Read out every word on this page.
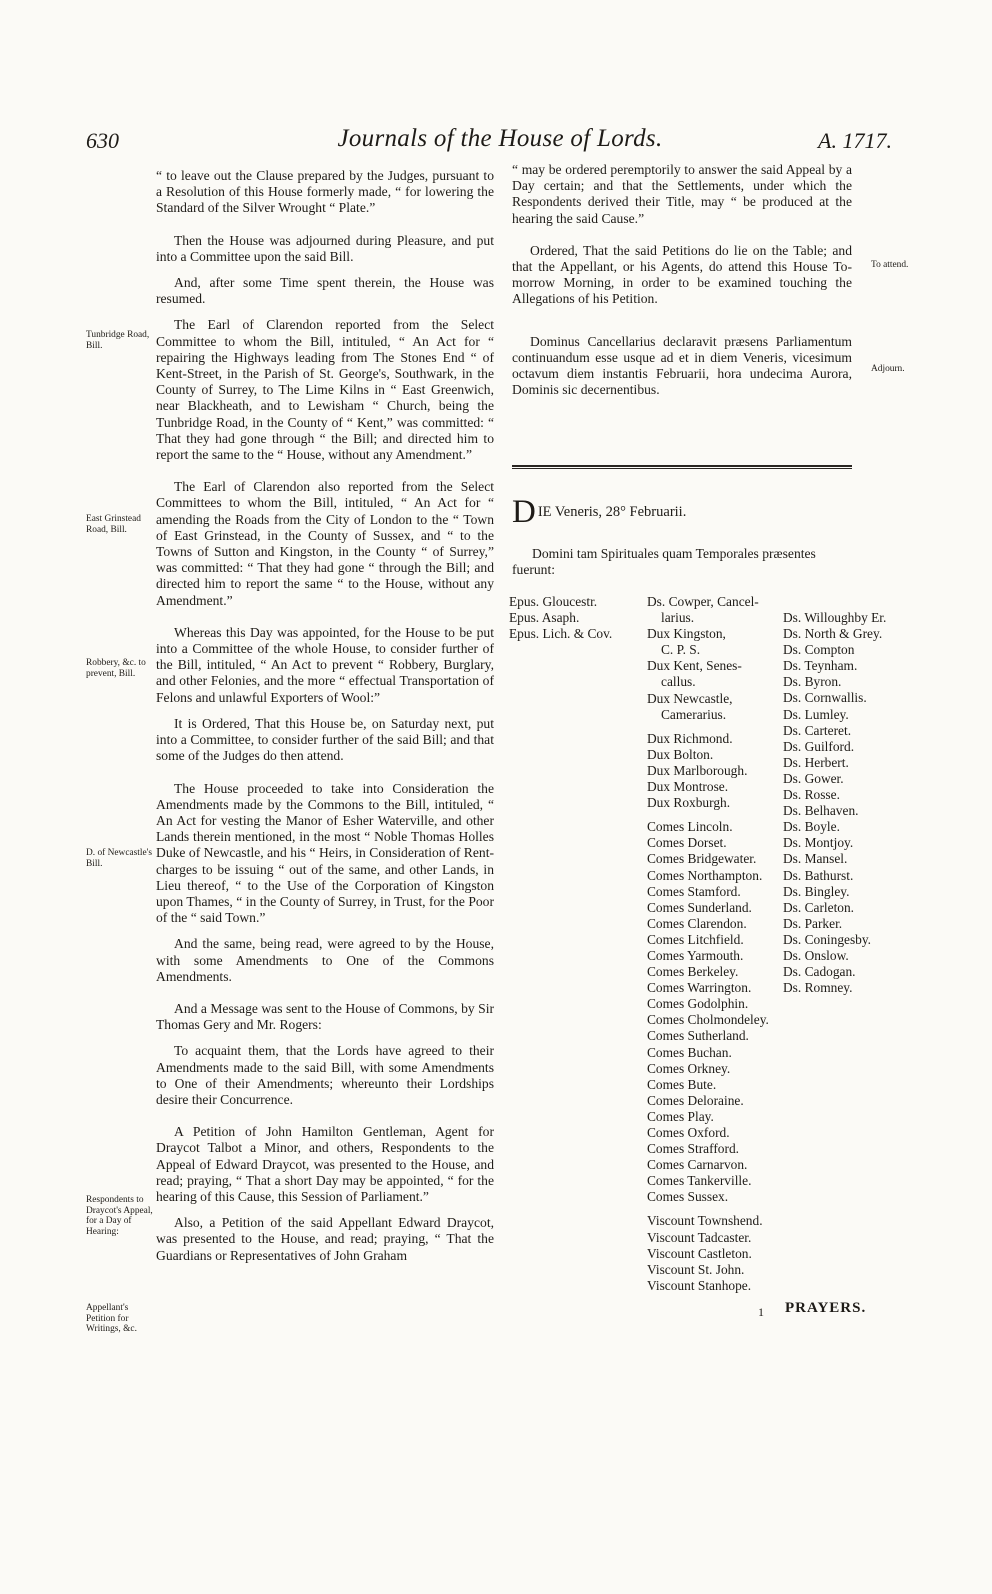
630	Journals of the House of Lords.	A. 1717.
Tunbridge Road, Bill.
East Grinstead Road, Bill.
Robbery, &c. to prevent, Bill.
D. of Newcastle's Bill.
Respondents to Draycot's Appeal, for a Day of Hearing:
Appellant's Petition for Writings, &c.
To attend.
Adjourn.

“ to leave out the Clause prepared by the Judges, pursuant to a Resolution of this House formerly made, “ for lowering the Standard of the Silver Wrought “ Plate.”

Then the House was adjourned during Pleasure, and put into a Committee upon the said Bill.

And, after some Time spent therein, the House was resumed.

The Earl of Clarendon reported from the Select Committee to whom the Bill, intituled, “ An Act for “ repairing the Highways leading from The Stones End “ of Kent-Street, in the Parish of St. George's, Southwark, in the County of Surrey, to The Lime Kilns in “ East Greenwich, near Blackheath, and to Lewisham “ Church, being the Tunbridge Road, in the County of “ Kent,” was committed: “ That they had gone through “ the Bill; and directed him to report the same to the “ House, without any Amendment.”

The Earl of Clarendon also reported from the Select Committees to whom the Bill, intituled, “ An Act for “ amending the Roads from the City of London to the “ Town of East Grinstead, in the County of Sussex, and “ to the Towns of Sutton and Kingston, in the County “ of Surrey,” was committed: “ That they had gone “ through the Bill; and directed him to report the same “ to the House, without any Amendment.”

Whereas this Day was appointed, for the House to be put into a Committee of the whole House, to consider further of the Bill, intituled, “ An Act to prevent “ Robbery, Burglary, and other Felonies, and the more “ effectual Transportation of Felons and unlawful Exporters of Wool:”

It is Ordered, That this House be, on Saturday next, put into a Committee, to consider further of the said Bill; and that some of the Judges do then attend.

The House proceeded to take into Consideration the Amendments made by the Commons to the Bill, intituled, “ An Act for vesting the Manor of Esher Waterville, and other Lands therein mentioned, in the most “ Noble Thomas Holles Duke of Newcastle, and his “ Heirs, in Consideration of Rent-charges to be issuing “ out of the same, and other Lands, in Lieu thereof, “ to the Use of the Corporation of Kingston upon Thames, “ in the County of Surrey, in Trust, for the Poor of the “ said Town.”

And the same, being read, were agreed to by the House, with some Amendments to One of the Commons Amendments.

And a Message was sent to the House of Commons, by Sir Thomas Gery and Mr. Rogers:

To acquaint them, that the Lords have agreed to their Amendments made to the said Bill, with some Amendments to One of their Amendments; whereunto their Lordships desire their Concurrence.

A Petition of John Hamilton Gentleman, Agent for Draycot Talbot a Minor, and others, Respondents to the Appeal of Edward Draycot, was presented to the House, and read; praying, “ That a short Day may be appointed, “ for the hearing of this Cause, this Session of Parliament.”

Also, a Petition of the said Appellant Edward Draycot, was presented to the House, and read; praying, “ That the Guardians or Representatives of John Graham

“ may be ordered peremptorily to answer the said Appeal by a Day certain; and that the Settlements, under which the Respondents derived their Title, may “ be produced at the hearing the said Cause.”

Ordered, That the said Petitions do lie on the Table; and that the Appellant, or his Agents, do attend this House To-morrow Morning, in order to be examined touching the Allegations of his Petition.

Dominus Cancellarius declaravit præsens Parliamentum continuandum esse usque ad et in diem Veneris, vicesimum octavum diem instantis Februarii, hora undecima Aurora, Dominis sic decernentibus.

DIE Veneris, 28° Februarii.
Domini tam Spirituales quam Temporales præsentes fuerunt:
Epus. Gloucestr.
Epus. Asaph.
Epus. Lich. & Cov.
Ds. Cowper, Cancel-
larius.
Dux Kingston,
C. P. S.
Dux Kent, Senes-
callus.
Dux Newcastle,
Camerarius.
Dux Richmond.
Dux Bolton.
Dux Marlborough.
Dux Montrose.
Dux Roxburgh.
Comes Lincoln.
Comes Dorset.
Comes Bridgewater.
Comes Northampton.
Comes Stamford.
Comes Sunderland.
Comes Clarendon.
Comes Litchfield.
Comes Yarmouth.
Comes Berkeley.
Comes Warrington.
Comes Godolphin.
Comes Cholmondeley.
Comes Sutherland.
Comes Buchan.
Comes Orkney.
Comes Bute.
Comes Deloraine.
Comes Play.
Comes Oxford.
Comes Strafford.
Comes Carnarvon.
Comes Tankerville.
Comes Sussex.
Viscount Townshend.
Viscount Tadcaster.
Viscount Castleton.
Viscount St. John.
Viscount Stanhope.
Ds. Willoughby Er.
Ds. North & Grey.
Ds. Compton
Ds. Teynham.
Ds. Byron.
Ds. Cornwallis.
Ds. Lumley.
Ds. Carteret.
Ds. Guilford.
Ds. Herbert.
Ds. Gower.
Ds. Rosse.
Ds. Belhaven.
Ds. Boyle.
Ds. Montjoy.
Ds. Mansel.
Ds. Bathurst.
Ds. Bingley.
Ds. Carleton.
Ds. Parker.
Ds. Coningesby.
Ds. Onslow.
Ds. Cadogan.
Ds. Romney.
1 PRAYERS.
